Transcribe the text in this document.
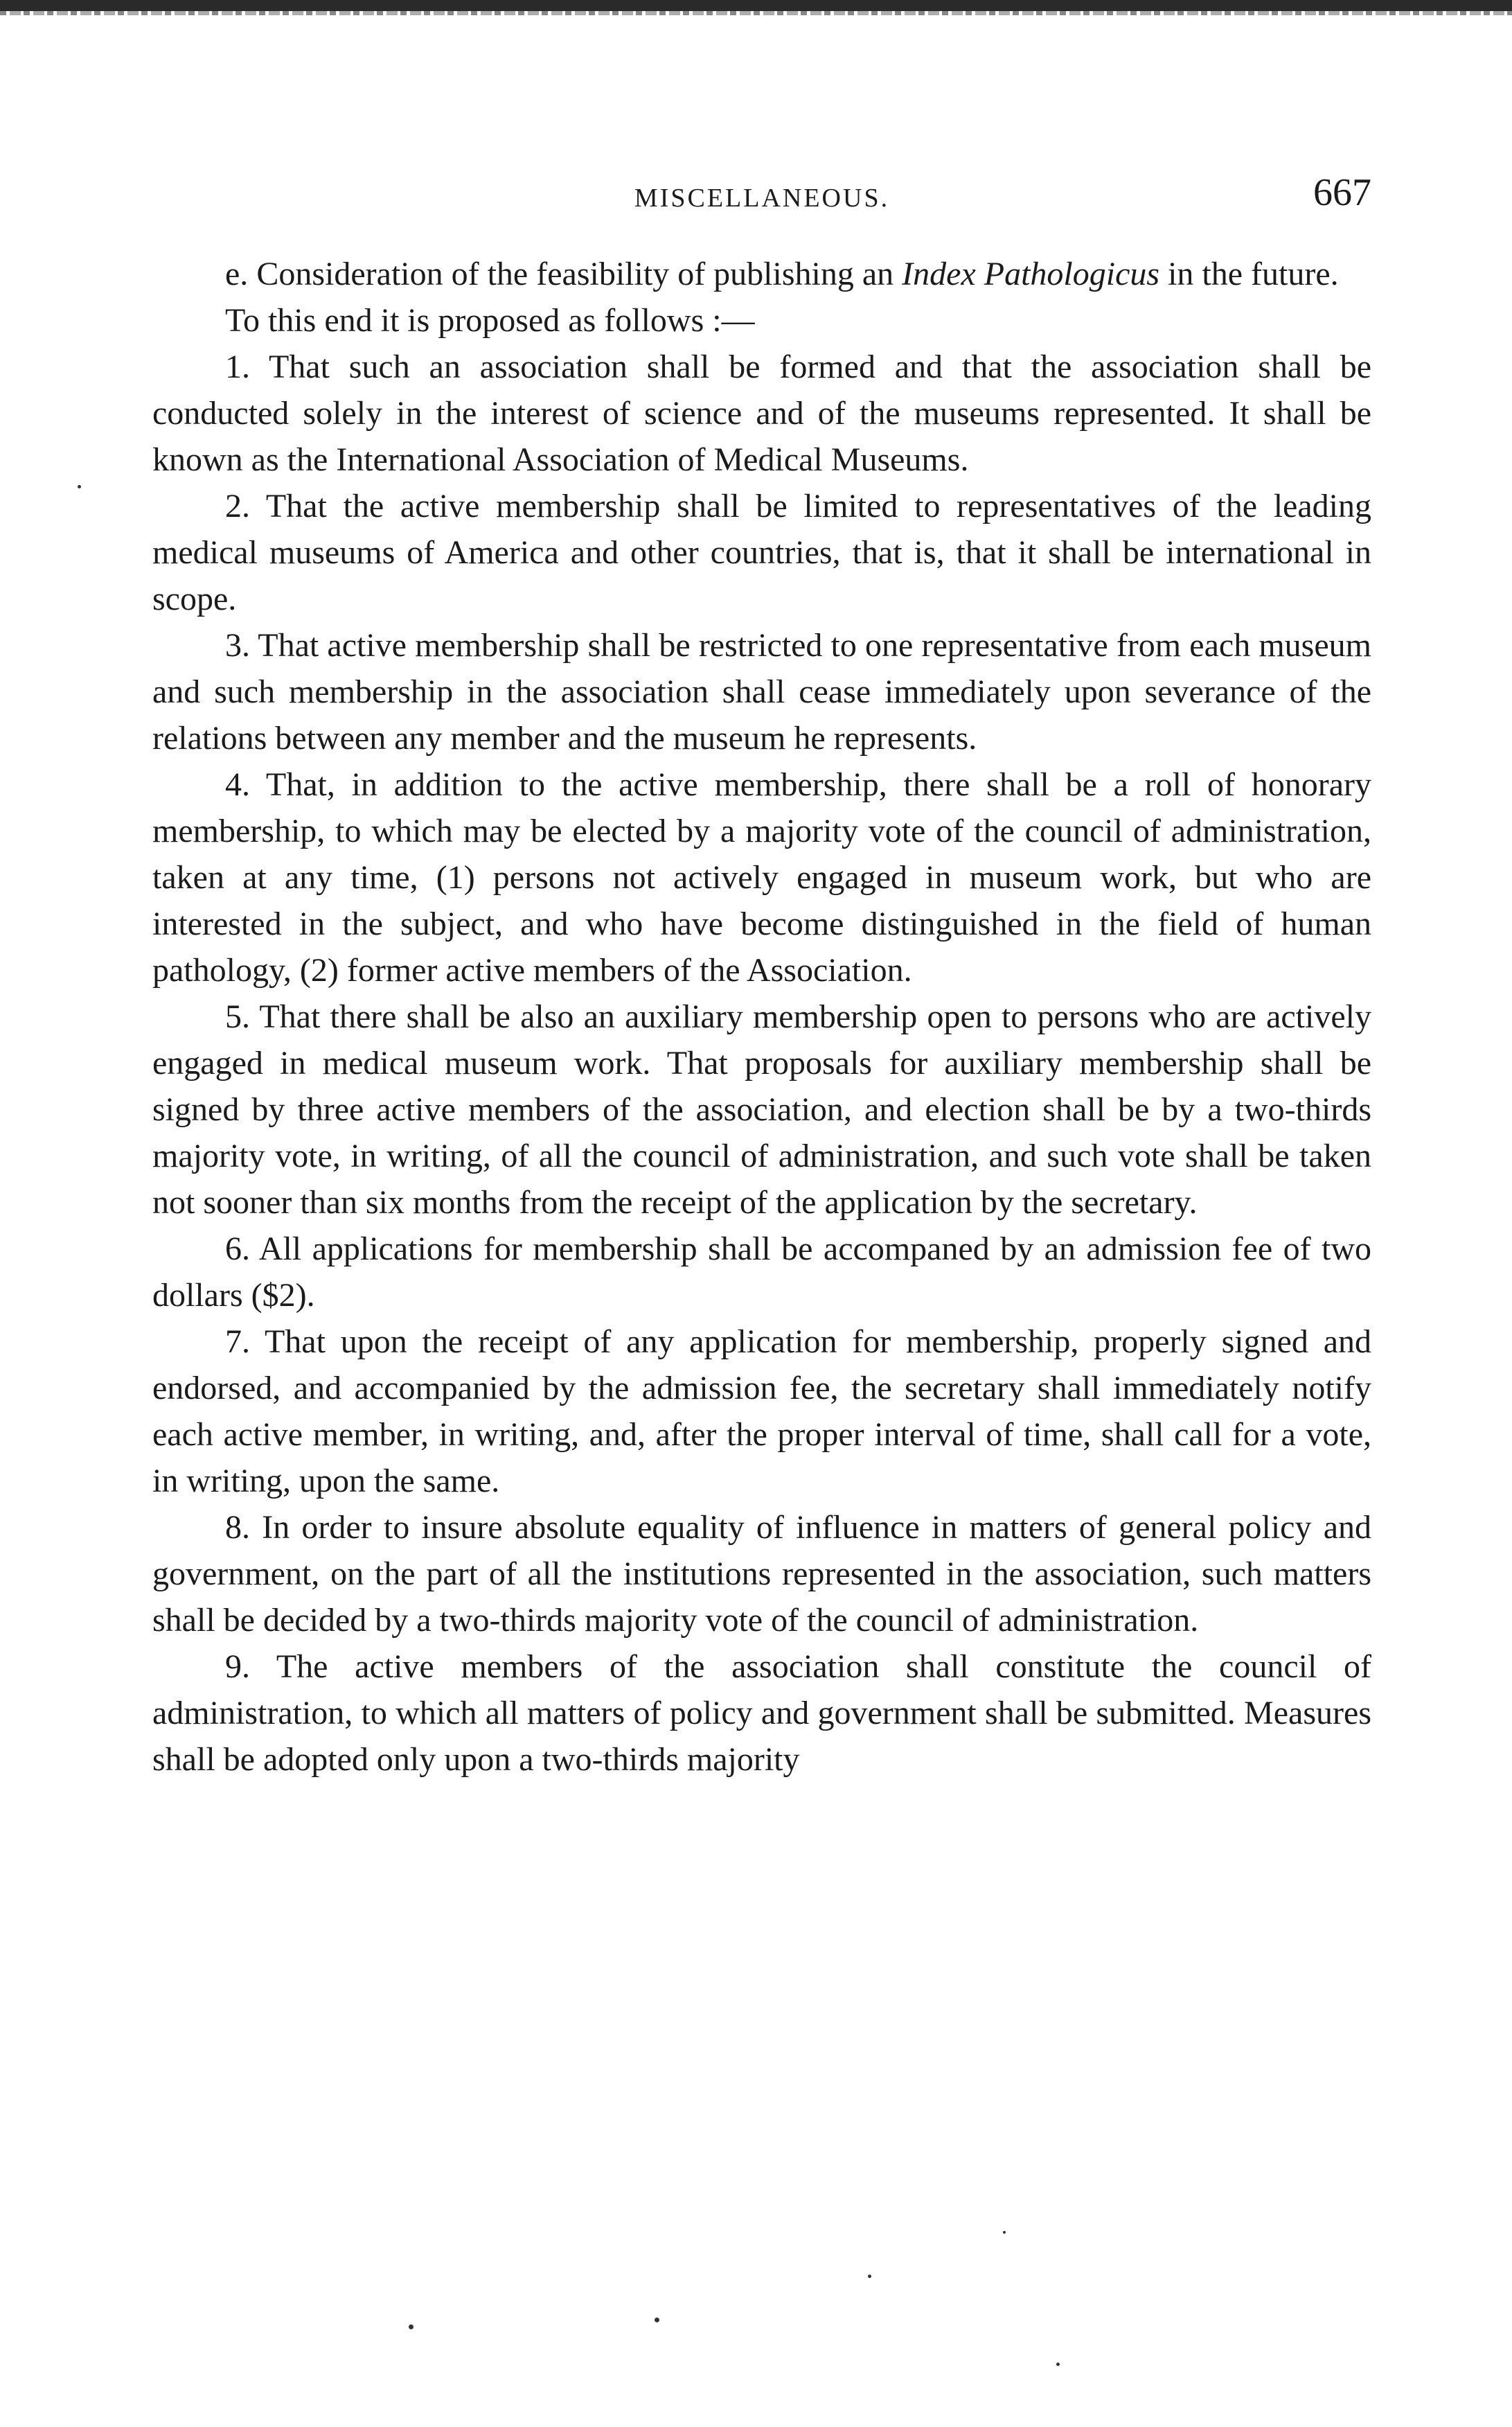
MISCELLANEOUS.	667

e. Consideration of the feasibility of publishing an Index Pathologicus in the future.

To this end it is proposed as follows :—

1. That such an association shall be formed and that the association shall be conducted solely in the interest of science and of the museums represented. It shall be known as the International Association of Medical Museums.

2. That the active membership shall be limited to representatives of the leading medical museums of America and other countries, that is, that it shall be international in scope.

3. That active membership shall be restricted to one representative from each museum and such membership in the association shall cease immediately upon severance of the relations between any member and the museum he represents.

4. That, in addition to the active membership, there shall be a roll of honorary membership, to which may be elected by a majority vote of the council of administration, taken at any time, (1) persons not actively engaged in museum work, but who are interested in the subject, and who have become distinguished in the field of human pathology, (2) former active members of the Association.

5. That there shall be also an auxiliary membership open to persons who are actively engaged in medical museum work. That proposals for auxiliary membership shall be signed by three active members of the association, and election shall be by a two-thirds majority vote, in writing, of all the council of administration, and such vote shall be taken not sooner than six months from the receipt of the application by the secretary.

6. All applications for membership shall be accompaned by an admission fee of two dollars ($2).

7. That upon the receipt of any application for membership, properly signed and endorsed, and accompanied by the admission fee, the secretary shall immediately notify each active member, in writing, and, after the proper interval of time, shall call for a vote, in writing, upon the same.

8. In order to insure absolute equality of influence in matters of general policy and government, on the part of all the institutions represented in the association, such matters shall be decided by a two-thirds majority vote of the council of administration.

9. The active members of the association shall constitute the council of administration, to which all matters of policy and government shall be submitted. Measures shall be adopted only upon a two-thirds majority
